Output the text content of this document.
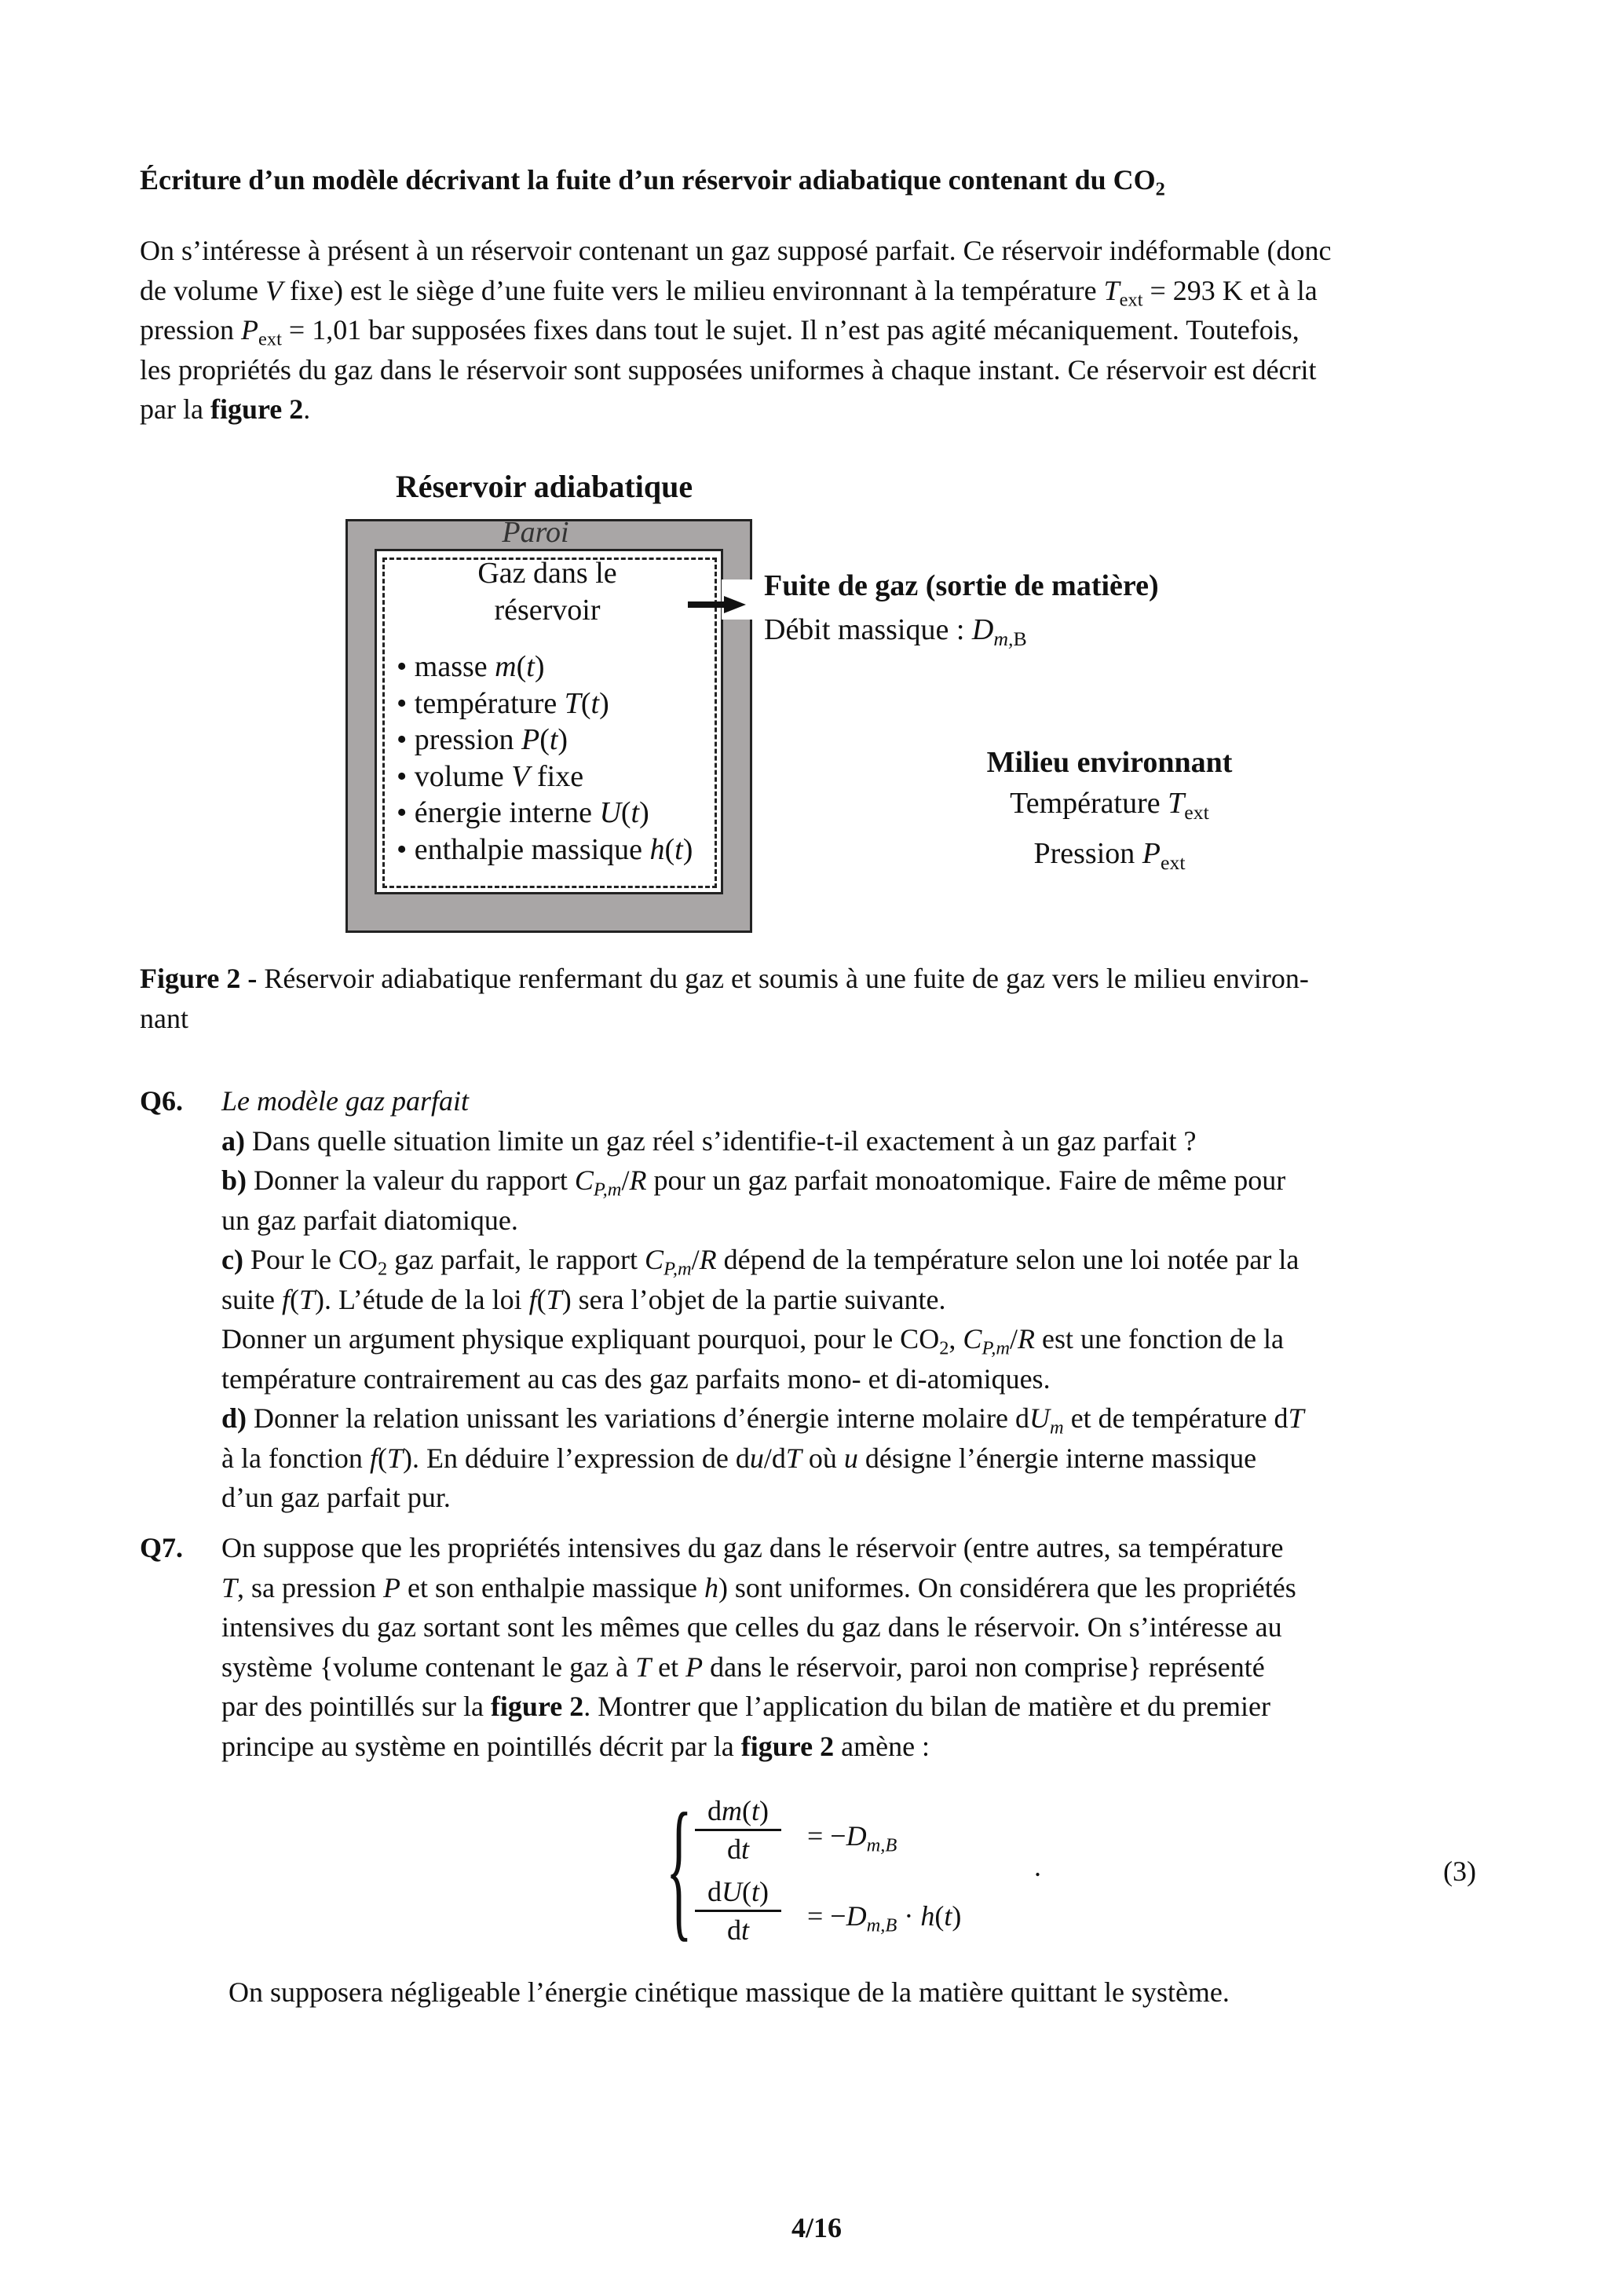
Écriture d’un modèle décrivant la fuite d’un réservoir adiabatique contenant du $CO_2$
On s’intéresse à présent à un réservoir contenant un gaz supposé parfait. Ce réservoir indéformable (donc
de volume V fixe) est le siège d’une fuite vers le milieu environnant à la température $T_{ext} = 293$ K et à la
pression $P_{ext} = 1,01$ bar supposées fixes dans tout le sujet. Il n’est pas agité mécaniquement. Toutefois,
les propriétés du gaz dans le réservoir sont supposées uniformes à chaque instant. Ce réservoir est décrit
par la figure 2.
Réservoir adiabatique
Paroi
Gaz dans le
réservoir
• masse m(t)
• température T(t)
• pression P(t)
• volume V fixe
• énergie interne U(t)
• enthalpie massique h(t)
Fuite de gaz (sortie de matière)
Débit massique : $D_{m,B}$
Milieu environnant
Température $T_{ext}$
Pression $P_{ext}$
Figure 2 - Réservoir adiabatique renfermant du gaz et soumis à une fuite de gaz vers le milieu environ-
nant
Q6. Le modèle gaz parfait
a) Dans quelle situation limite un gaz réel s’identifie-t-il exactement à un gaz parfait ?
b) Donner la valeur du rapport $C_{P,m}/R$ pour un gaz parfait monoatomique. Faire de même pour
un gaz parfait diatomique.
c) Pour le $CO_2$ gaz parfait, le rapport $C_{P,m}/R$ dépend de la température selon une loi notée par la
suite f(T). L’étude de la loi f(T) sera l’objet de la partie suivante.
Donner un argument physique expliquant pourquoi, pour le $CO_2$, $C_{P,m}/R$ est une fonction de la
température contrairement au cas des gaz parfaits mono- et di-atomiques.
d) Donner la relation unissant les variations d’énergie interne molaire $dU_m$ et de température dT
à la fonction f(T). En déduire l’expression de du/dT où u désigne l’énergie interne massique
d’un gaz parfait pur.
Q7. On suppose que les propriétés intensives du gaz dans le réservoir (entre autres, sa température
T, sa pression P et son enthalpie massique h) sont uniformes. On considérera que les propriétés
intensives du gaz sortant sont les mêmes que celles du gaz dans le réservoir. On s’intéresse au
système {volume contenant le gaz à T et P dans le réservoir, paroi non comprise} représenté
par des pointillés sur la figure 2. Montrer que l’application du bilan de matière et du premier
principe au système en pointillés décrit par la figure 2 amène :
{ $\frac{dm(t)}{dt} = -D_{m,B}$
$\frac{dU(t)}{dt} = -D_{m,B} \cdot h(t)$
.	(3)
On supposera négligeable l’énergie cinétique massique de la matière quittant le système.
4/16
